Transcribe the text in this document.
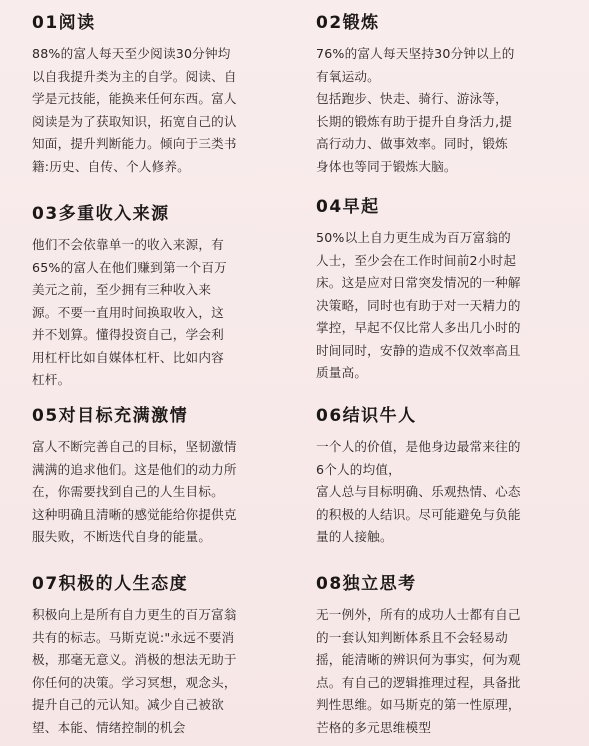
01阅读
88%的富人每天至少阅读30分钟均
以自我提升类为主的自学。阅读、自
学是元技能，能换来任何东西。富人
阅读是为了获取知识，拓宽自己的认
知面，提升判断能力。倾向于三类书
籍:历史、自传、个人修养。
03多重收入来源
他们不会依靠单一的收入来源，有
65%的富人在他们赚到第一个百万
美元之前，至少拥有三种收入来
源。不要一直用时间换取收入，这
并不划算。懂得投资自己，学会利
用杠杆比如自媒体杠杆、比如内容
杠杆。
05对目标充满激情
富人不断完善自己的目标，坚韧激情
满满的追求他们。这是他们的动力所
在，你需要找到自己的人生目标。
这种明确且清晰的感觉能给你提供克
服失败，不断迭代自身的能量。
07积极的人生态度
积极向上是所有自力更生的百万富翁
共有的标志。马斯克说:"永远不要消
极，那毫无意义。消极的想法无助于
你任何的决策。学习冥想，观念头，
提升自己的元认知。减少自己被欲
望、本能、情绪控制的机会
02锻炼
76%的富人每天坚持30分钟以上的
有氧运动。
包括跑步、快走、骑行、游泳等，
长期的锻炼有助于提升自身活力,提
高行动力、做事效率。同时，锻炼
身体也等同于锻炼大脑。
04早起
50%以上自力更生成为百万富翁的
人士，至少会在工作时间前2小时起
床。这是应对日常突发情况的一种解
决策略，同时也有助于对一天精力的
掌控，早起不仅比常人多出几小时的
时间同时，安静的造成不仅效率高且
质量高。
06结识牛人
一个人的价值，是他身边最常来往的
6个人的均值，
富人总与目标明确、乐观热情、心态
的积极的人结识。尽可能避免与负能
量的人接触。
08独立思考
无一例外，所有的成功人士都有自己
的一套认知判断体系且不会轻易动
摇，能清晰的辨识何为事实，何为观
点。有自己的逻辑推理过程，具备批
判性思维。如马斯克的第一性原理，
芒格的多元思维模型
